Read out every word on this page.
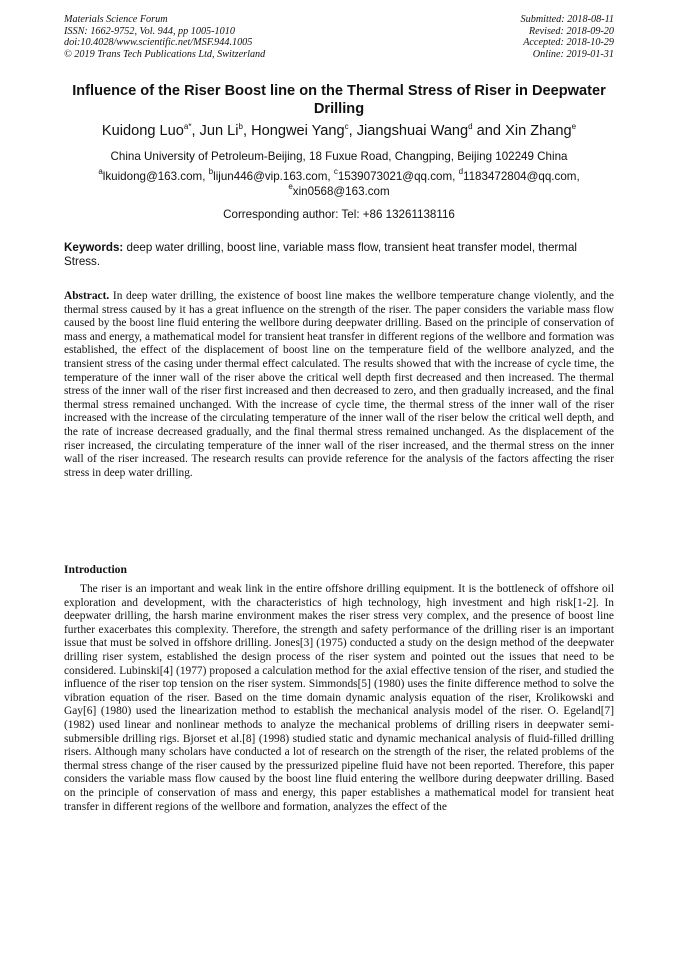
Materials Science Forum
ISSN: 1662-9752, Vol. 944, pp 1005-1010
doi:10.4028/www.scientific.net/MSF.944.1005
© 2019 Trans Tech Publications Ltd, Switzerland
Submitted: 2018-08-11
Revised: 2018-09-20
Accepted: 2018-10-29
Online: 2019-01-31
Influence of the Riser Boost line on the Thermal Stress of Riser in Deepwater Drilling
Kuidong Luo$^{a*}$, Jun Li$^b$, Hongwei Yang$^c$, Jiangshuai Wang$^d$ and Xin Zhang$^e$
China University of Petroleum-Beijing, 18 Fuxue Road, Changping, Beijing 102249 China
$^a$lkuidong@163.com, $^b$lijun446@vip.163.com, $^c$1539073021@qq.com, $^d$1183472804@qq.com,
$^e$xin0568@163.com
Corresponding author: Tel: +86 13261138116
Keywords: deep water drilling, boost line, variable mass flow, transient heat transfer model, thermal Stress.
Abstract. In deep water drilling, the existence of boost line makes the wellbore temperature change violently, and the thermal stress caused by it has a great influence on the strength of the riser. The paper considers the variable mass flow caused by the boost line fluid entering the wellbore during deepwater drilling. Based on the principle of conservation of mass and energy, a mathematical model for transient heat transfer in different regions of the wellbore and formation was established, the effect of the displacement of boost line on the temperature field of the wellbore analyzed, and the transient stress of the casing under thermal effect calculated. The results showed that with the increase of cycle time, the temperature of the inner wall of the riser above the critical well depth first decreased and then increased. The thermal stress of the inner wall of the riser first increased and then decreased to zero, and then gradually increased, and the final thermal stress remained unchanged. With the increase of cycle time, the thermal stress of the inner wall of the riser increased with the increase of the circulating temperature of the inner wall of the riser below the critical well depth, and the rate of increase decreased gradually, and the final thermal stress remained unchanged. As the displacement of the riser increased, the circulating temperature of the inner wall of the riser increased, and the thermal stress on the inner wall of the riser increased. The research results can provide reference for the analysis of the factors affecting the riser stress in deep water drilling.
Introduction
The riser is an important and weak link in the entire offshore drilling equipment. It is the bottleneck of offshore oil exploration and development, with the characteristics of high technology, high investment and high risk[1-2]. In deepwater drilling, the harsh marine environment makes the riser stress very complex, and the presence of boost line further exacerbates this complexity. Therefore, the strength and safety performance of the drilling riser is an important issue that must be solved in offshore drilling. Jones[3] (1975) conducted a study on the design method of the deepwater drilling riser system, established the design process of the riser system and pointed out the issues that need to be considered. Lubinski[4] (1977) proposed a calculation method for the axial effective tension of the riser, and studied the influence of the riser top tension on the riser system. Simmonds[5] (1980) uses the finite difference method to solve the vibration equation of the riser. Based on the time domain dynamic analysis equation of the riser, Krolikowski and Gay[6] (1980) used the linearization method to establish the mechanical analysis model of the riser. O. Egeland[7] (1982) used linear and nonlinear methods to analyze the mechanical problems of drilling risers in deepwater semi-submersible drilling rigs. Bjorset et al.[8] (1998) studied static and dynamic mechanical analysis of fluid-filled drilling risers. Although many scholars have conducted a lot of research on the strength of the riser, the related problems of the thermal stress change of the riser caused by the pressurized pipeline fluid have not been reported. Therefore, this paper considers the variable mass flow caused by the boost line fluid entering the wellbore during deepwater drilling. Based on the principle of conservation of mass and energy, this paper establishes a mathematical model for transient heat transfer in different regions of the wellbore and formation, analyzes the effect of the
